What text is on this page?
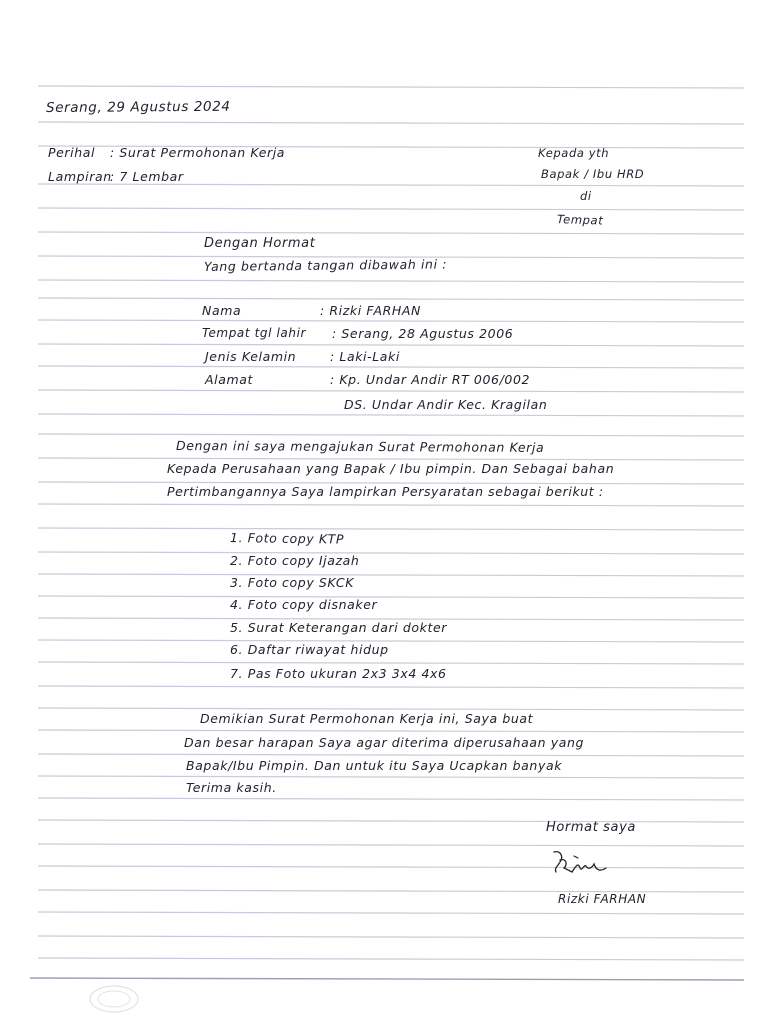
Serang, 29 Agustus 2024
Perihal : Surat Permohonan Kerja
Lampiran
: 7 Lembar
Kepada yth
Bapak / Ibu HRD
di
Tempat
Dengan Hormat
Yang bertanda tangan dibawah ini :
Nama	: Rizki FARHAN
Tempat tgl lahir : Serang, 28 Agustus 2006
Jenis Kelamin	: Laki-Laki
Alamat	: Kp. Undar Andir RT 006/002
DS. Undar Andir Kec. Kragilan
Dengan ini saya mengajukan Surat Permohonan Kerja
Kepada Perusahaan yang Bapak / Ibu pimpin. Dan Sebagai bahan
Pertimbangannya Saya lampirkan Persyaratan sebagai berikut :
1. Foto copy KTP
2. Foto copy Ijazah
3. Foto copy SKCK
4. Foto copy disnaker
5. Surat Keterangan dari dokter
6. Daftar riwayat hidup
7. Pas Foto ukuran 2x3 3x4 4x6
Demikian Surat Permohonan Kerja ini, Saya buat
Dan besar harapan Saya agar diterima diperusahaan yang
Bapak/Ibu Pimpin. Dan untuk itu Saya Ucapkan banyak
Terima kasih.
Hormat saya
Rizki FARHAN
